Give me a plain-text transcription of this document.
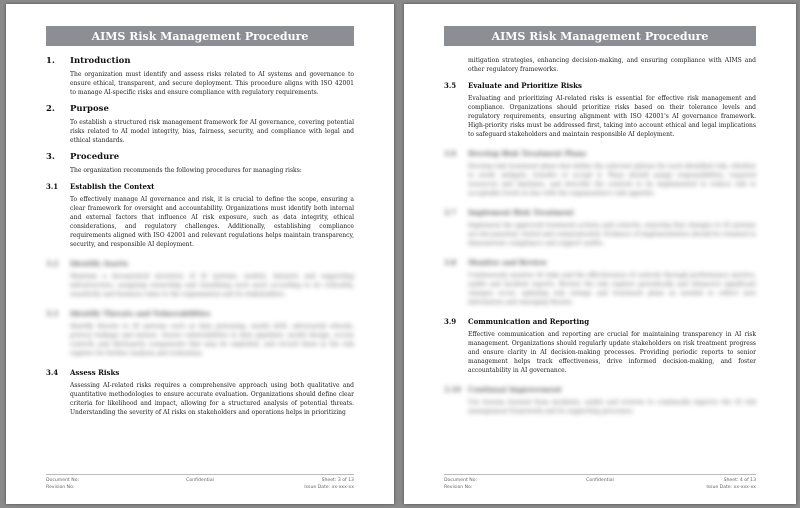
AIMS Risk Management Procedure
1.	Introduction

The organization must identify and assess risks related to AI systems and governance to ensure ethical, transparent, and secure deployment. This procedure aligns with ISO 42001 to manage AI-specific risks and ensure compliance with regulatory requirements.

2.	Purpose

To establish a structured risk management framework for AI governance, covering potential risks related to AI model integrity, bias, fairness, security, and compliance with legal and ethical standards.

3.	Procedure

The organization recommends the following procedures for managing risks:

3.1	Establish the Context

To effectively manage AI governance and risk, it is crucial to define the scope, ensuring a clear framework for oversight and accountability. Organizations must identify both internal and external factors that influence AI risk exposure, such as data integrity, ethical considerations, and regulatory challenges. Additionally, establishing compliance requirements aligned with ISO 42001 and relevant regulations helps maintain transparency, security, and responsible AI deployment.

3.2	Identify Assets

Maintain a documented inventory of AI systems, models, datasets and supporting infrastructure, assigning ownership and classifying each asset according to its criticality, sensitivity and business value to the organization and its stakeholders.

3.3	Identify Threats and Vulnerabilities

Identify threats to AI systems such as data poisoning, model drift, adversarial attacks, privacy leakage and misuse. Assess vulnerabilities in data pipelines, model design, access controls and third-party components that may be exploited, and record them in the risk register for further analysis and evaluation.

3.4	Assess Risks

Assessing AI-related risks requires a comprehensive approach using both qualitative and quantitative methodologies to ensure accurate evaluation. Organizations should define clear criteria for likelihood and impact, allowing for a structured analysis of potential threats. Understanding the severity of AI risks on stakeholders and operations helps in prioritizing

Document No:	Confidential	Sheet: 3 of 13
Revision No:	Issue Date: xx-xxx-xx
AIMS Risk Management Procedure

mitigation strategies, enhancing decision-making, and ensuring compliance with AIMS and other regulatory frameworks.

3.5	Evaluate and Prioritize Risks

Evaluating and prioritizing AI-related risks is essential for effective risk management and compliance. Organizations should prioritize risks based on their tolerance levels and regulatory requirements, ensuring alignment with ISO 42001's AI governance framework. High-priority risks must be addressed first, taking into account ethical and legal implications to safeguard stakeholders and maintain responsible AI deployment.

3.6	Develop Risk Treatment Plans

Develop risk treatment plans that define the selected options for each identified risk, whether to avoid, mitigate, transfer or accept it. Plans should assign responsibilities, required resources and timelines, and describe the controls to be implemented to reduce risk to acceptable levels in line with the organization's risk appetite.

3.7	Implement Risk Treatment

Implement the approved treatment actions and controls, ensuring that changes to AI systems are documented, tested and communicated. Evidence of implementation should be retained to demonstrate compliance and support audits.

3.8	Monitor and Review

Continuously monitor AI risks and the effectiveness of controls through performance metrics, audits and incident reports. Review the risk register periodically and whenever significant changes occur, updating risk ratings and treatment plans as needed to reflect new information and emerging threats.

3.9	Communication and Reporting

Effective communication and reporting are crucial for maintaining transparency in AI risk management. Organizations should regularly update stakeholders on risk treatment progress and ensure clarity in AI decision-making processes. Providing periodic reports to senior management helps track effectiveness, drive informed decision-making, and foster accountability in AI governance.

3.10 Continual Improvement

Use lessons learned from incidents, audits and reviews to continually improve the AI risk management framework and its supporting processes.

Document No:	Confidential	Sheet: 4 of 13
Revision No:	Issue Date: xx-xxx-xx
